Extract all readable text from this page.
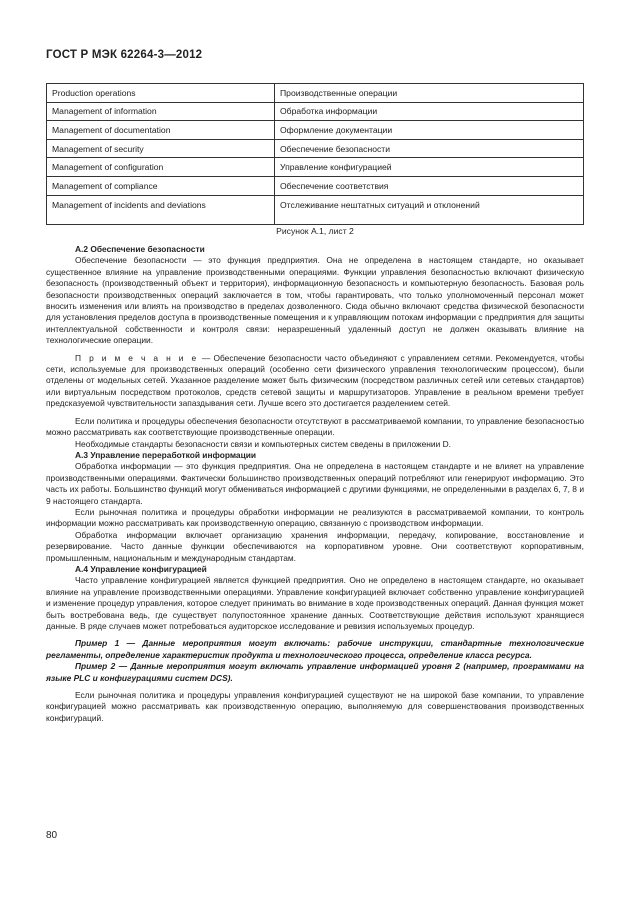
ГОСТ Р МЭК 62264-3—2012
Production operations	Производственные операции
Management of information	Обработка информации
Management of documentation	Оформление документации
Management of security	Обеспечение безопасности
Management of configuration	Управление конфигурацией
Management of compliance	Обеспечение соответствия
Management of incidents and deviations	Отслеживание нештатных ситуаций и отклонений
Рисунок А.1, лист 2

А.2 Обеспечение безопасности

Обеспечение безопасности — это функция предприятия. Она не определена в настоящем стандарте, но оказывает существенное влияние на управление производственными операциями. Функции управления безопасностью включают физическую безопасность (производственный объект и территория), информационную безопасность и компьютерную безопасность. Базовая роль безопасности производственных операций заключается в том, чтобы гарантировать, что только уполномоченный персонал может вносить изменения или влиять на производство в пределах дозволенного. Сюда обычно включают средства физической безопасности для установления пределов доступа в производственные помещения и к управляющим потокам информации с предприятия для защиты интеллектуальной собственности и контроля связи: неразрешенный удаленный доступ не должен оказывать влияние на технологические операции.

П р и м е ч а н и е — Обеспечение безопасности часто объединяют с управлением сетями. Рекомендуется, чтобы сети, используемые для производственных операций (особенно сети физического управления технологическим процессом), были отделены от модельных сетей. Указанное разделение может быть физическим (посредством различных сетей или сетевых стандартов) или виртуальным посредством протоколов, средств сетевой защиты и маршрутизаторов. Управление в реальном времени требует предсказуемой чувствительности запаздывания сети. Лучше всего это достигается разделением сетей.

Если политика и процедуры обеспечения безопасности отсутствуют в рассматриваемой компании, то управление безопасностью можно рассматривать как соответствующие производственные операции.

Необходимые стандарты безопасности связи и компьютерных систем сведены в приложении D.

А.3 Управление переработкой информации

Обработка информации — это функция предприятия. Она не определена в настоящем стандарте и не влияет на управление производственными операциями. Фактически большинство производственных операций потребляют или генерируют информацию. Это часть их работы. Большинство функций могут обмениваться информацией с другими функциями, не определенными в разделах 6, 7, 8 и 9 настоящего стандарта.

Если рыночная политика и процедуры обработки информации не реализуются в рассматриваемой компании, то контроль информации можно рассматривать как производственную операцию, связанную с производством информации.

Обработка информации включает организацию хранения информации, передачу, копирование, восстановление и резервирование. Часто данные функции обеспечиваются на корпоративном уровне. Они соответствуют корпоративным, промышленным, национальным и международным стандартам.

А.4 Управление конфигурацией

Часто управление конфигурацией является функцией предприятия. Оно не определено в настоящем стандарте, но оказывает влияние на управление производственными операциями. Управление конфигурацией включает собственно управление конфигурацией и изменение процедур управления, которое следует принимать во внимание в ходе производственных операций. Данная функция может быть востребована ведь, где существует полупостоянное хранение данных. Соответствующие действия используют хранящиеся данные. В ряде случаев может потребоваться аудиторское исследование и ревизия используемых процедур.

Пример 1 — Данные мероприятия могут включать: рабочие инструкции, стандартные технологические регламенты, определение характеристик продукта и технологического процесса, определение класса ресурса.

Пример 2 — Данные мероприятия могут включать управление информацией уровня 2 (например, программами на языке PLC и конфигурациями систем DCS).

Если рыночная политика и процедуры управления конфигурацией существуют не на широкой базе компании, то управление конфигурацией можно рассматривать как производственную операцию, выполняемую для совершенствования производственных конфигураций.

80
